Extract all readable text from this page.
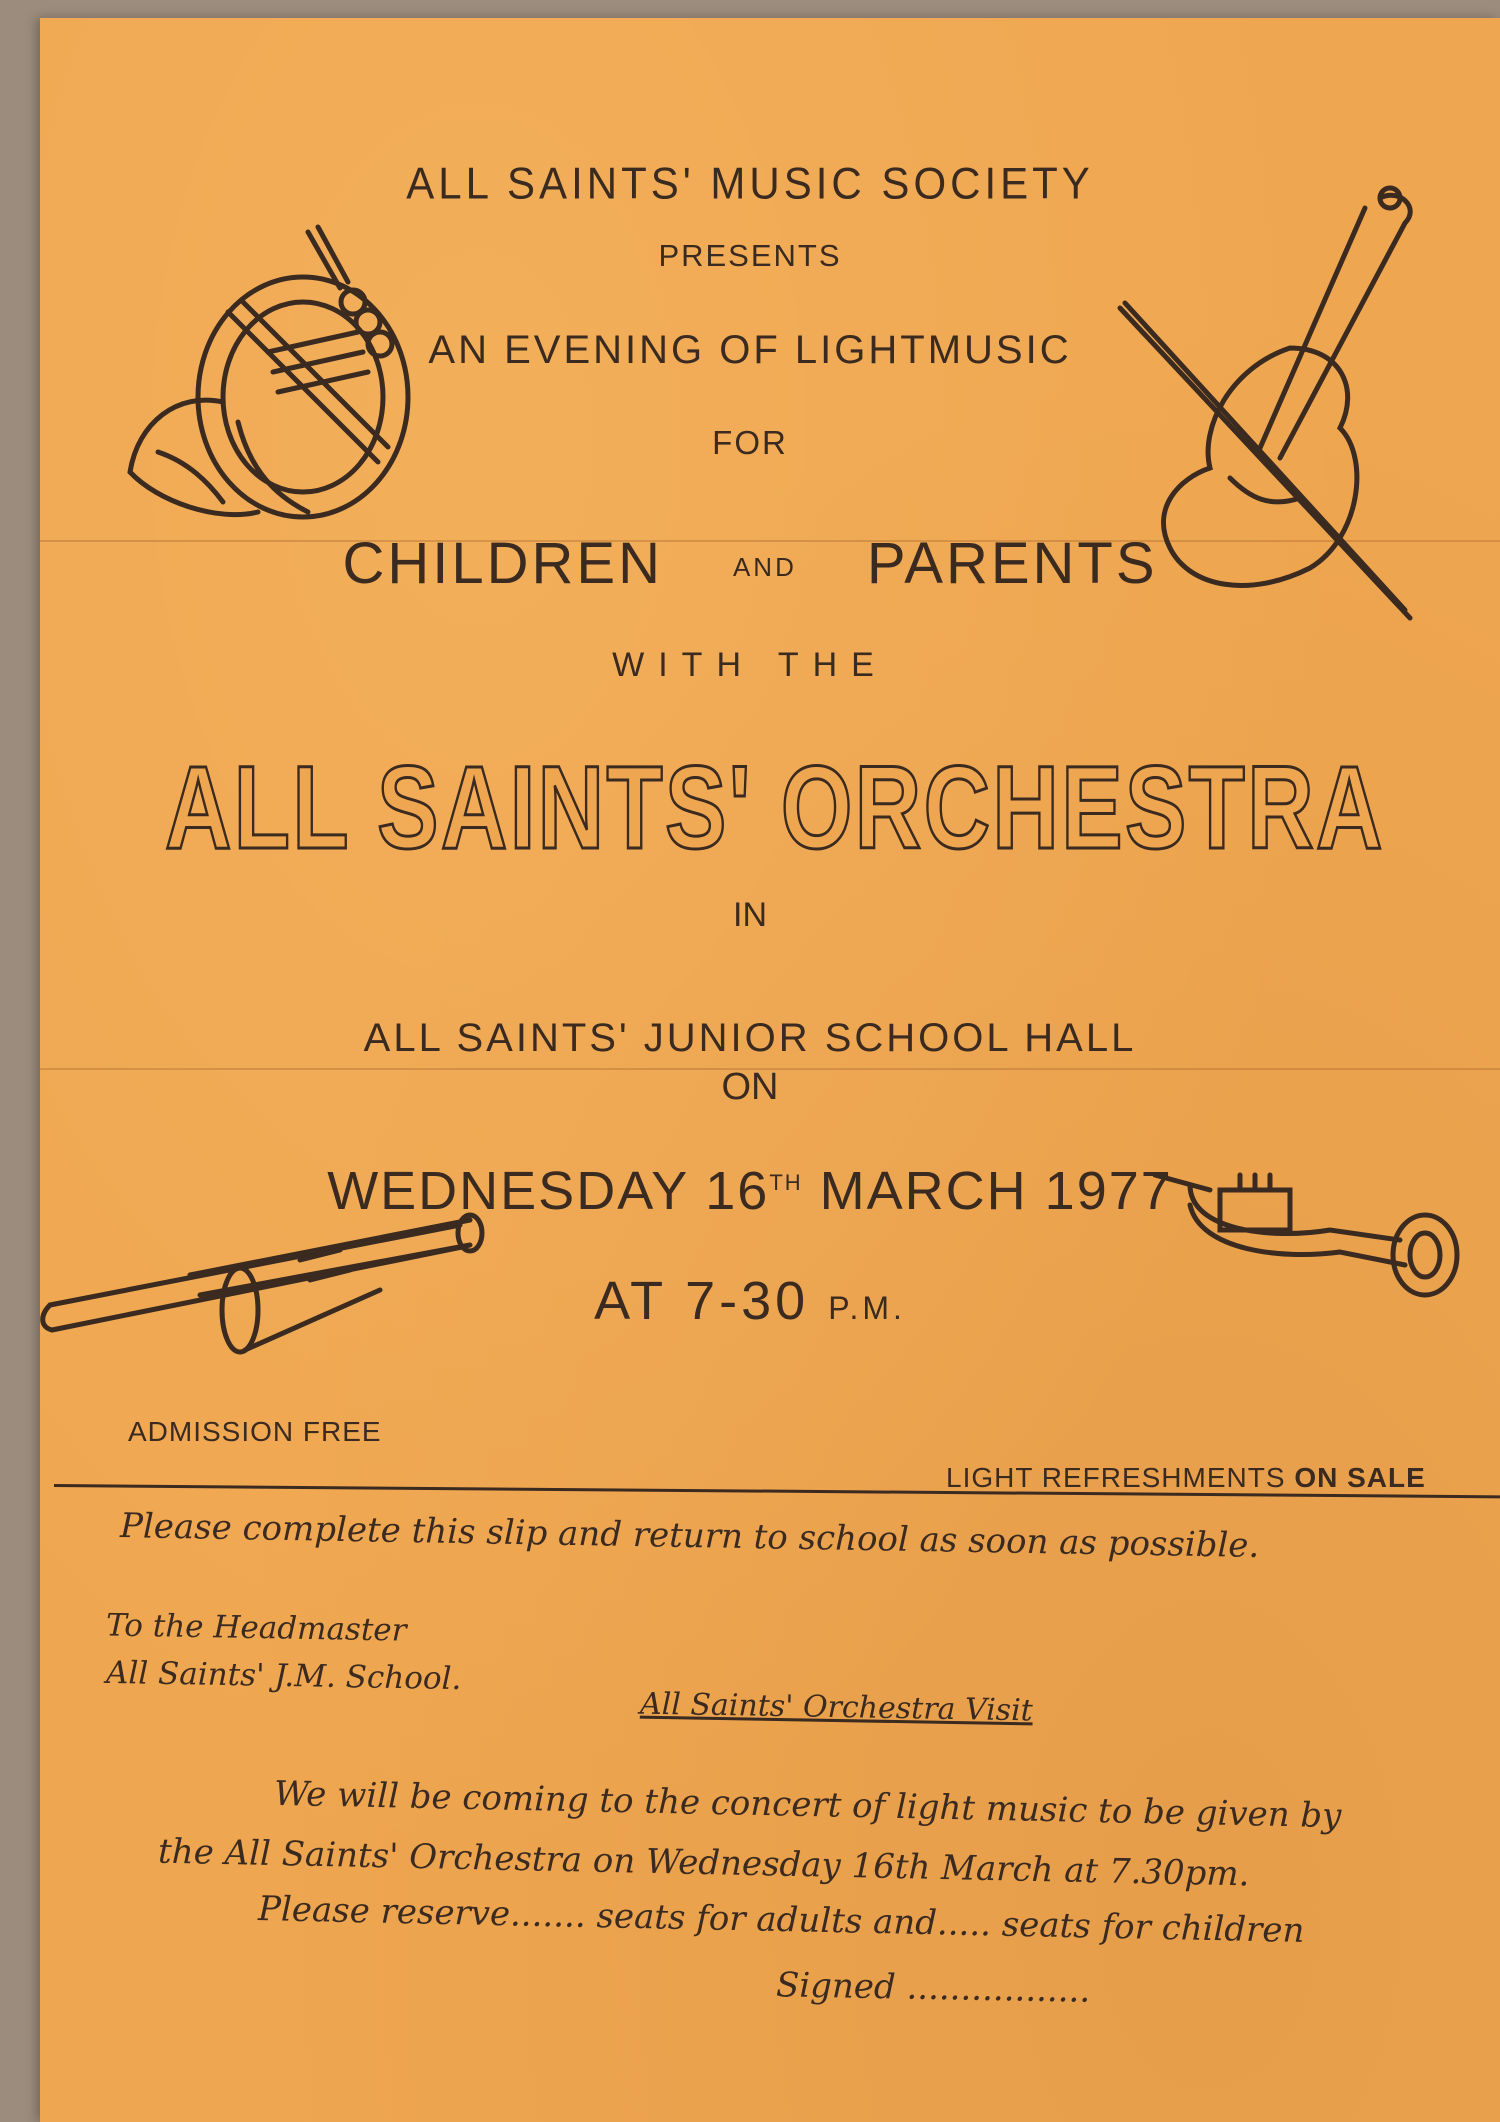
ALL SAINTS' MUSIC SOCIETY
PRESENTS
AN EVENING OF LIGHTMUSIC
FOR
CHILDREN	AND PARENTS
WITH THE
ALL SAINTS' ORCHESTRA
IN
ALL SAINTS' JUNIOR SCHOOL HALL
ON
WEDNESDAY 16TH MARCH 1977
AT 7-30 P.M.
ADMISSION FREE
LIGHT REFRESHMENTS ON SALE
Please complete this slip and return to school as soon as possible.
To the Headmaster
All Saints' J.M. School.
All Saints' Orchestra Visit
We will be coming to the concert of light music to be given by
the All Saints' Orchestra on Wednesday 16th March at 7.30pm.
Please reserve....... seats for adults and..... seats for children
Signed .................
